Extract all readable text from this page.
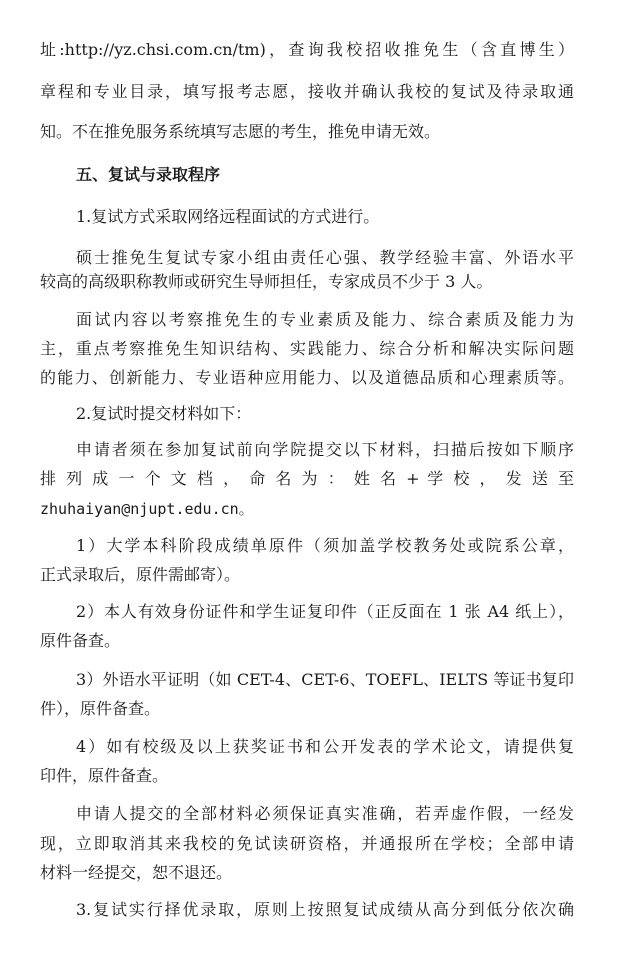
址:http://yz.chsi.com.cn/tm)，查询我校招收推免生（含直博生）
章程和专业目录，填写报考志愿，接收并确认我校的复试及待录取通
知。不在推免服务系统填写志愿的考生，推免申请无效。
五、复试与录取程序
1.复试方式采取网络远程面试的方式进行。
硕士推免生复试专家小组由责任心强、教学经验丰富、外语水平
较高的高级职称教师或研究生导师担任，专家成员不少于 3 人。
面试内容以考察推免生的专业素质及能力、综合素质及能力为
主，重点考察推免生知识结构、实践能力、综合分析和解决实际问题
的能力、创新能力、专业语种应用能力、以及道德品质和心理素质等。
2.复试时提交材料如下：
申请者须在参加复试前向学院提交以下材料，扫描后按如下顺序
排 列 成 一 个 文 档 ， 命 名 为 ： 姓 名 + 学 校 ， 发 送 至
zhuhaiyan@njupt.edu.cn。
1）大学本科阶段成绩单原件（须加盖学校教务处或院系公章，
正式录取后，原件需邮寄）。
2）本人有效身份证件和学生证复印件（正反面在 1 张 A4 纸上），
原件备查。
3）外语水平证明（如 CET-4、CET-6、TOEFL、IELTS 等证书复印
件），原件备查。
4）如有校级及以上获奖证书和公开发表的学术论文，请提供复
印件，原件备查。
申请人提交的全部材料必须保证真实准确，若弄虚作假，一经发
现，立即取消其来我校的免试读研资格，并通报所在学校；全部申请
材料一经提交，恕不退还。
3.复试实行择优录取，原则上按照复试成绩从高分到低分依次确
